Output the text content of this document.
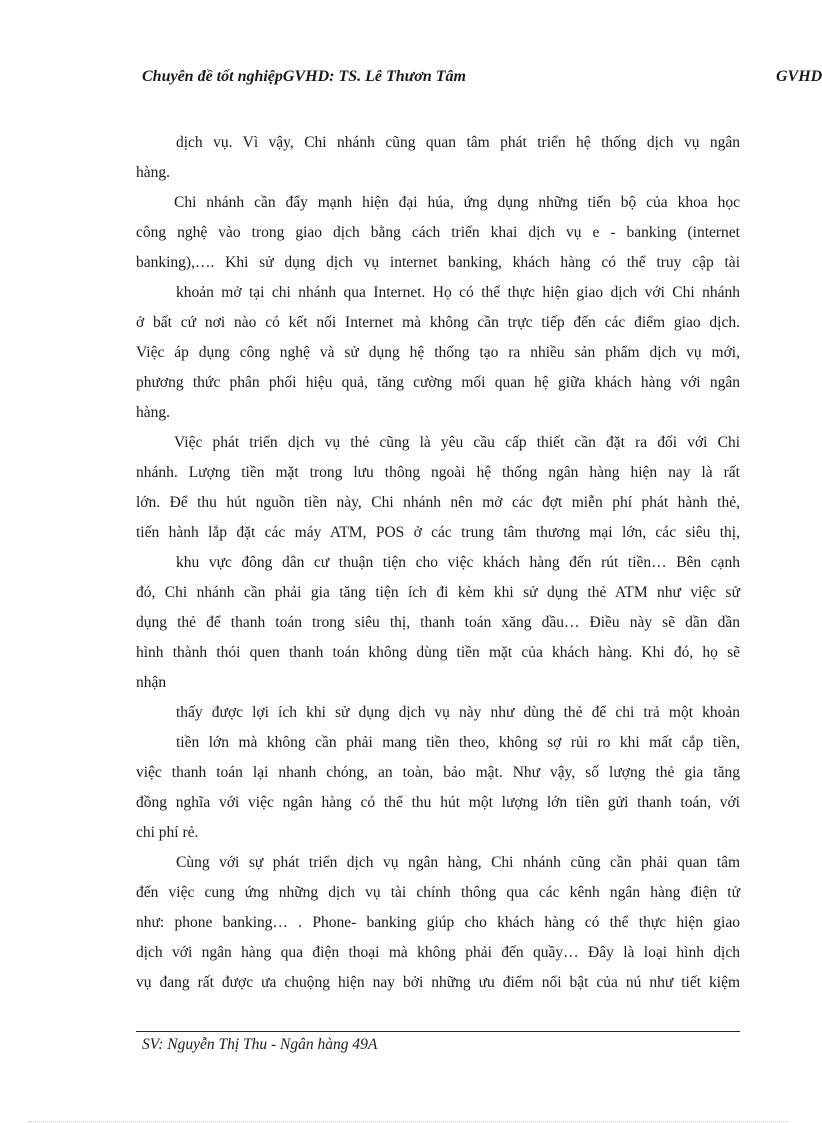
Chuyên đề tốt nghiệpGVHD: TS. Lê Thươn Tâm	GVHD
dịch vụ. Vì vậy, Chi nhánh cũng quan tâm phát triển hệ thống dịch vụ ngân
hàng.
Chi nhánh cần đẩy mạnh hiện đại húa, ứng dụng những tiến bộ của khoa học
công nghệ vào trong giao dịch bằng cách triển khai dịch vụ e - banking (internet
banking),…. Khi sử dụng dịch vụ internet banking, khách hàng có thể truy cập tài
khoản mở tại chi nhánh qua Internet. Họ có thể thực hiện giao dịch với Chi nhánh
ở bất cứ nơi nào có kết nối Internet mà không cần trực tiếp đến các điểm giao dịch.
Việc áp dụng công nghệ và sử dụng hệ thống tạo ra nhiều sản phẩm dịch vụ mới,
phương thức phân phối hiệu quả, tăng cường mối quan hệ giữa khách hàng với ngân
hàng.
Việc phát triển dịch vụ thẻ cũng là yêu cầu cấp thiết cần đặt ra đối với Chi
nhánh. Lượng tiền mặt trong lưu thông ngoài hệ thống ngân hàng hiện nay là rất
lớn. Để thu hút nguồn tiền này, Chi nhánh nên mở các đợt miễn phí phát hành thẻ,
tiến hành lắp đặt các máy ATM, POS ở các trung tâm thương mại lớn, các siêu thị,
khu vực đông dân cư thuận tiện cho việc khách hàng đến rút tiền… Bên cạnh
đó, Chi nhánh cần phải gia tăng tiện ích đi kèm khi sử dụng thẻ ATM như việc sử
dụng thẻ để thanh toán trong siêu thị, thanh toán xăng dầu… Điều này sẽ dần dần
hình thành thói quen thanh toán không dùng tiền mặt của khách hàng. Khi đó, họ sẽ
nhận
thấy được lợi ích khi sử dụng dịch vụ này như dùng thẻ để chi trả một khoản
tiền lớn mà không cần phải mang tiền theo, không sợ rủi ro khi mất cắp tiền,
việc thanh toán lại nhanh chóng, an toàn, bảo mật. Như vậy, số lượng thẻ gia tăng
đồng nghĩa với việc ngân hàng có thể thu hút một lượng lớn tiền gửi thanh toán, với
chi phí rẻ.
Cùng với sự phát triển dịch vụ ngân hàng, Chi nhánh cũng cần phải quan tâm
đến việc cung ứng những dịch vụ tài chính thông qua các kênh ngân hàng điện tử
như: phone banking… . Phone- banking giúp cho khách hàng có thể thực hiện giao
dịch với ngân hàng qua điện thoại mà không phải đến quầy… Đây là loại hình dịch
vụ đang rất được ưa chuộng hiện nay bởi những ưu điểm nổi bật của nú như tiết kiệm
SV: Nguyễn Thị Thu - Ngân hàng 49A
